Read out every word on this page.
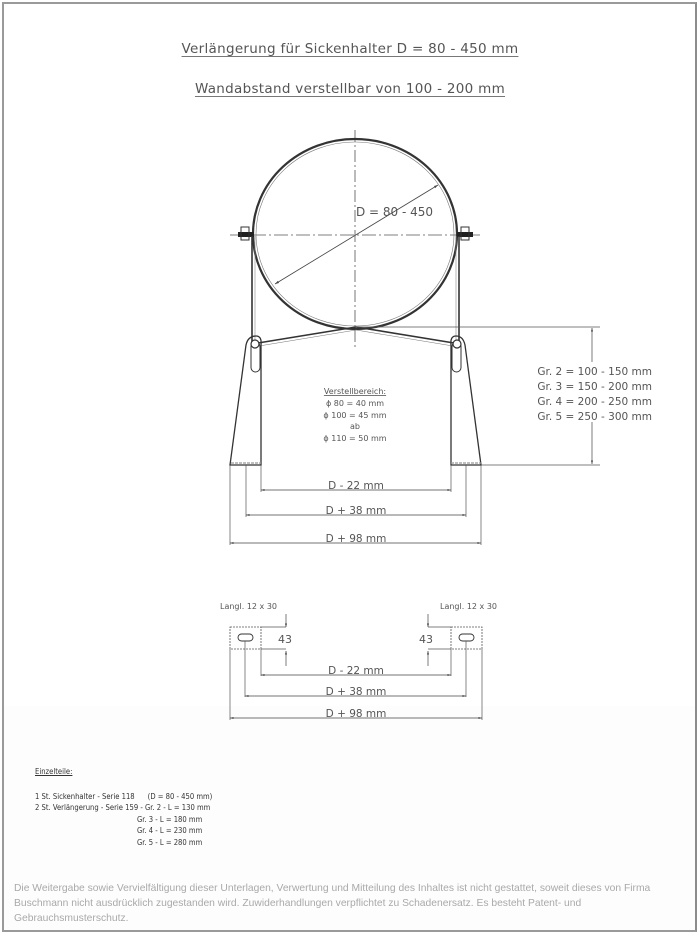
Verlängerung für Sickenhalter D = 80 - 450 mm
Wandabstand verstellbar von 100 - 200 mm
D = 80 - 450
Verstellbereich:
ɸ 80 = 40 mm
ɸ 100 = 45 mm
ab
ɸ 110 = 50 mm
Gr. 2 = 100 - 150 mm
Gr. 3 = 150 - 200 mm
Gr. 4 = 200 - 250 mm
Gr. 5 = 250 - 300 mm
D - 22 mm
D + 38 mm
D + 98 mm
Langl. 12 x 30	Langl. 12 x 30
43	43
D - 22 mm
D + 38 mm
D + 98 mm
Einzelteile:
1 St. Sickenhalter - Serie 118      (D = 80 - 450 mm)
2 St. Verlängerung - Serie 159 - Gr. 2 - L = 130 mm
Gr. 3 - L = 180 mm
Gr. 4 - L = 230 mm
Gr. 5 - L = 280 mm
Die Weitergabe sowie Vervielfältigung dieser Unterlagen, Verwertung und Mitteilung des Inhaltes ist nicht gestattet, soweit dieses von Firma Buschmann nicht ausdrücklich zugestanden wird. Zuwiderhandlungen verpflichtet zu Schadenersatz. Es besteht Patent- und Gebrauchsmusterschutz.
